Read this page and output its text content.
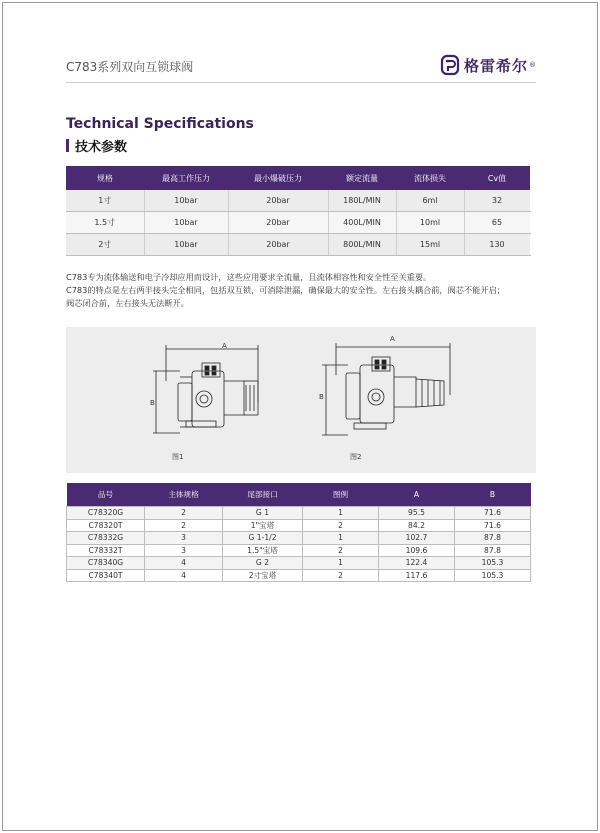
C783系列双向互锁球阀	格雷希尔 ®
Technical Specifications
技术参数
规格	最高工作压力	最小爆破压力	额定流量	流体损失	Cv值
1寸	10bar	20bar	180L/MIN	6ml	32
1.5寸	10bar	20bar	400L/MIN	10ml	65
2寸	10bar	20bar	800L/MIN	15ml	130

C783专为流体输送和电子冷却应用而设计，这些应用要求全流量，且流体相容性和安全性至关重要。

C783的特点是左右两半接头完全相同，包括双互锁，可消除泄漏，确保最大的安全性。左右接头耦合前，阀芯不能开启；

阀芯闭合前，左右接头无法断开。

A
B
图1
A
B
图2
品号	主体规格	尾部接口	图例	A	B
C78320G	2	G 1	1	95.5	71.6
C78320T	2	1"宝塔	2	84.2	71.6
C78332G	3	G 1-1/2	1	102.7	87.8
C78332T	3	1.5"宝塔	2	109.6	87.8
C78340G	4	G 2	1	122.4	105.3
C78340T	4	2寸宝塔	2	117.6	105.3
